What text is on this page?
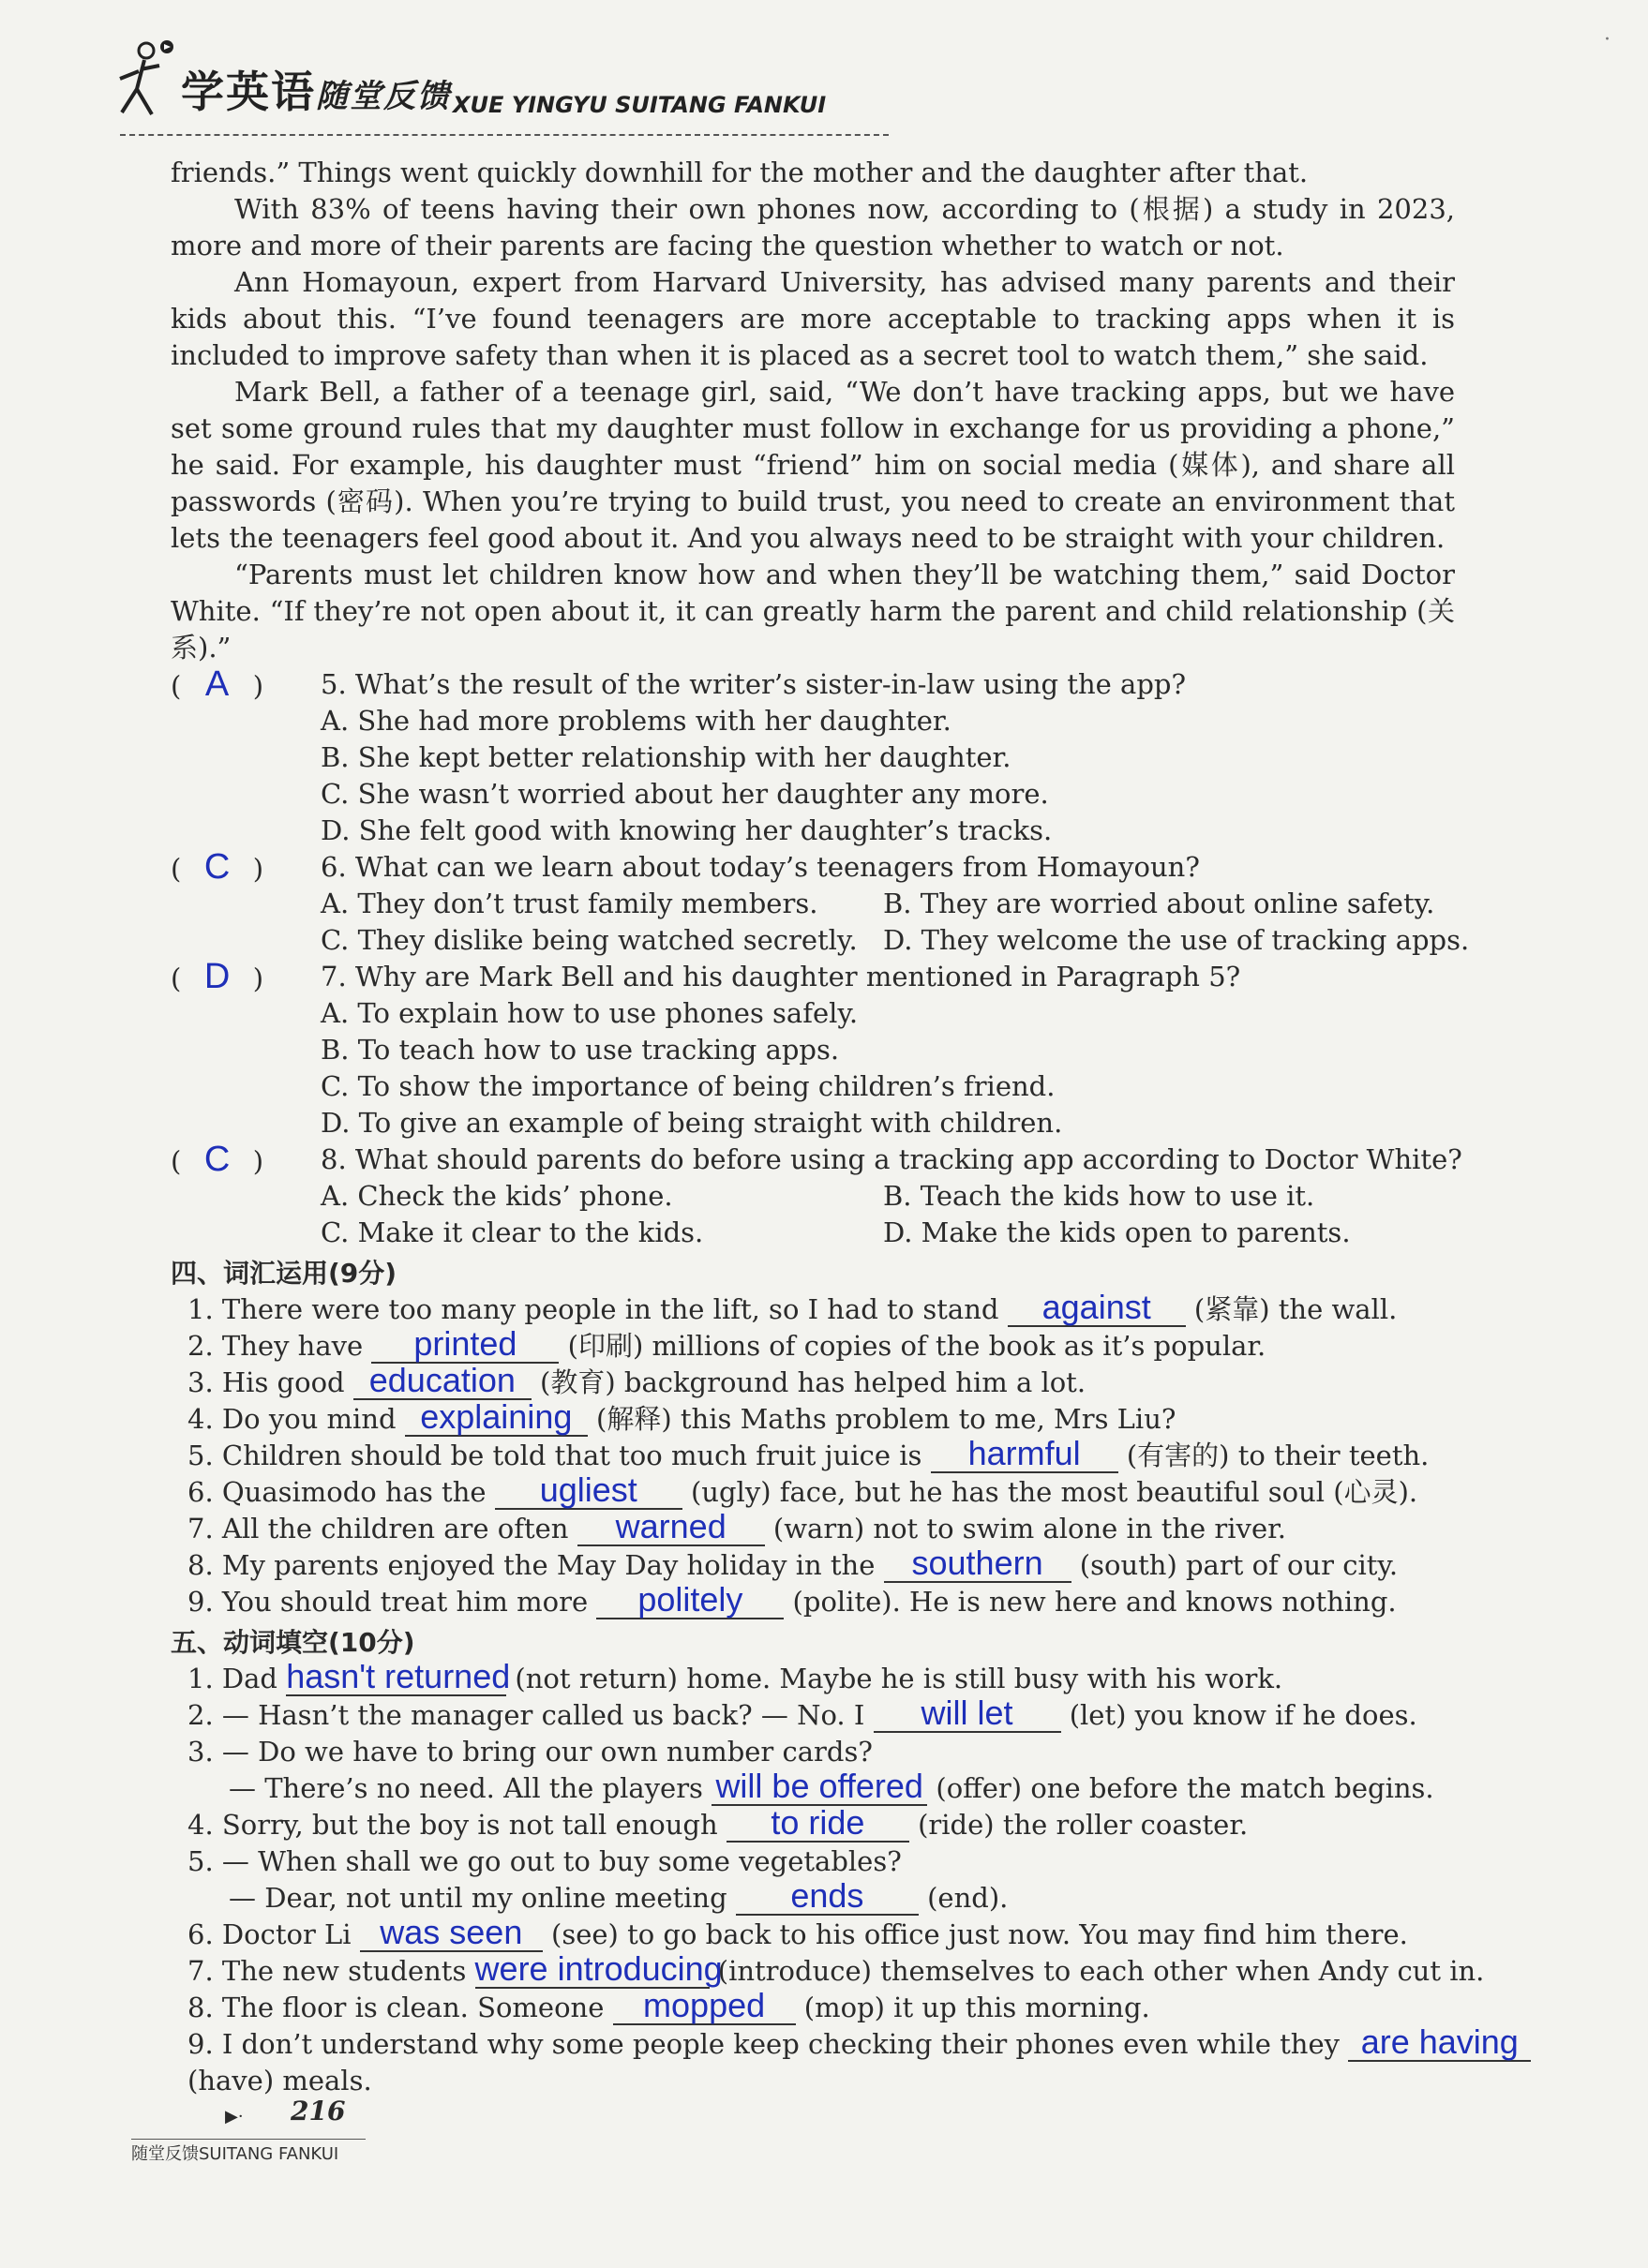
学英语随堂反馈 XUE YINGYU SUITANG FANKUI
·
friends.” Things went quickly downhill for the mother and the daughter after that.
With 83% of teens having their own phones now, according to (根据) a study in 2023, more and more of their parents are facing the question whether to watch or not.
Ann Homayoun, expert from Harvard University, has advised many parents and their kids about this. “I’ve found teenagers are more acceptable to tracking apps when it is included to improve safety than when it is placed as a secret tool to watch them,” she said.
Mark Bell, a father of a teenage girl, said, “We don’t have tracking apps, but we have set some ground rules that my daughter must follow in exchange for us providing a phone,” he said. For example, his daughter must “friend” him on social media (媒体), and share all passwords (密码). When you’re trying to build trust, you need to create an environment that lets the teenagers feel good about it. And you always need to be straight with your children.
“Parents must let children know how and when they’ll be watching them,” said Doctor White. “If they’re not open about it, it can greatly harm the parent and child relationship (关系).”
( A ) 5. What’s the result of the writer’s sister-in-law using the app?
A. She had more problems with her daughter.
B. She kept better relationship with her daughter.
C. She wasn’t worried about her daughter any more.
D. She felt good with knowing her daughter’s tracks.
( C ) 6. What can we learn about today’s teenagers from Homayoun?
A. They don’t trust family members.	B. They are worried about online safety.
C. They dislike being watched secretly. D. They welcome the use of tracking apps.
( D ) 7. Why are Mark Bell and his daughter mentioned in Paragraph 5?
A. To explain how to use phones safely.
B. To teach how to use tracking apps.
C. To show the importance of being children’s friend.
D. To give an example of being straight with children.
( C ) 8. What should parents do before using a tracking app according to Doctor White?
A. Check the kids’ phone.	B. Teach the kids how to use it.
C. Make it clear to the kids.	D. Make the kids open to parents.
四、词汇运用(9分)
1. There were too many people in the lift, so I had to stand against (紧靠) the wall.
2. They have printed (印刷) millions of copies of the book as it’s popular.
3. His good education (教育) background has helped him a lot.
4. Do you mind explaining (解释) this Maths problem to me, Mrs Liu?
5. Children should be told that too much fruit juice is harmful (有害的) to their teeth.
6. Quasimodo has the ugliest (ugly) face, but he has the most beautiful soul (心灵).
7. All the children are often warned (warn) not to swim alone in the river.
8. My parents enjoyed the May Day holiday in the southern (south) part of our city.
9. You should treat him more politely (polite). He is new here and knows nothing.
五、动词填空(10分)
1. Dad hasn't returned (not return) home. Maybe he is still busy with his work.
2. — Hasn’t the manager called us back? — No. I will let (let) you know if he does.
3. — Do we have to bring our own number cards?
— There’s no need. All the players will be offered (offer) one before the match begins.
4. Sorry, but the boy is not tall enough to ride (ride) the roller coaster.
5. — When shall we go out to buy some vegetables?
— Dear, not until my online meeting ends (end).
6. Doctor Li was seen (see) to go back to his office just now. You may find him there.
7. The new students were introducing (introduce) themselves to each other when Andy cut in.
8. The floor is clean. Someone mopped (mop) it up this morning.
9. I don’t understand why some people keep checking their phones even while they are having
(have) meals.
▶· 216
随堂反馈SUITANG FANKUI
